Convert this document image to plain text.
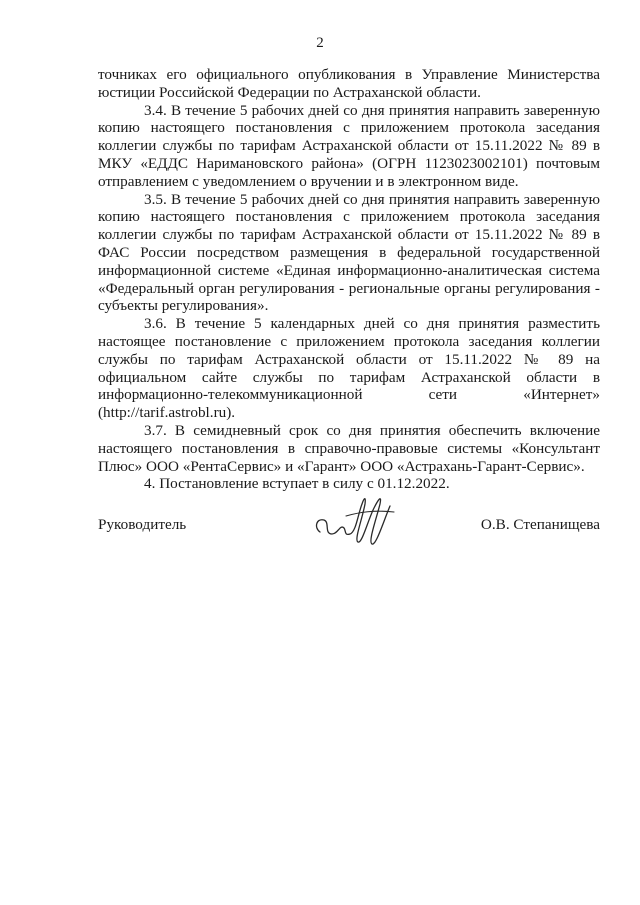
2

точниках его официального опубликования в Управление Министерства юстиции Российской Федерации по Астраханской области.

3.4. В течение 5 рабочих дней со дня принятия направить заверенную копию настоящего постановления с приложением протокола заседания коллегии службы по тарифам Астраханской области от 15.11.2022 № 89 в МКУ «ЕДДС Наримановского района» (ОГРН 1123023002101) почтовым отправлением с уведомлением о вручении и в электронном виде.

3.5. В течение 5 рабочих дней со дня принятия направить заверенную копию настоящего постановления с приложением протокола заседания коллегии службы по тарифам Астраханской области от 15.11.2022 № 89 в ФАС России посредством размещения в федеральной государственной информационной системе «Единая информационно-аналитическая система «Федеральный орган регулирования - региональные органы регулирования - субъекты регулирования».

3.6. В течение 5 календарных дней со дня принятия разместить настоящее постановление с приложением протокола заседания коллегии службы по тарифам Астраханской области от 15.11.2022 № 89 на официальном сайте службы по тарифам Астраханской области в информационно-телекоммуникационной сети «Интернет» (http://tarif.astrobl.ru).

3.7. В семидневный срок со дня принятия обеспечить включение настоящего постановления в справочно-правовые системы «Консультант Плюс» ООО «РентаСервис» и «Гарант» ООО «Астрахань-Гарант-Сервис».

4. Постановление вступает в силу с 01.12.2022.

Руководитель	О.В. Степанищева
